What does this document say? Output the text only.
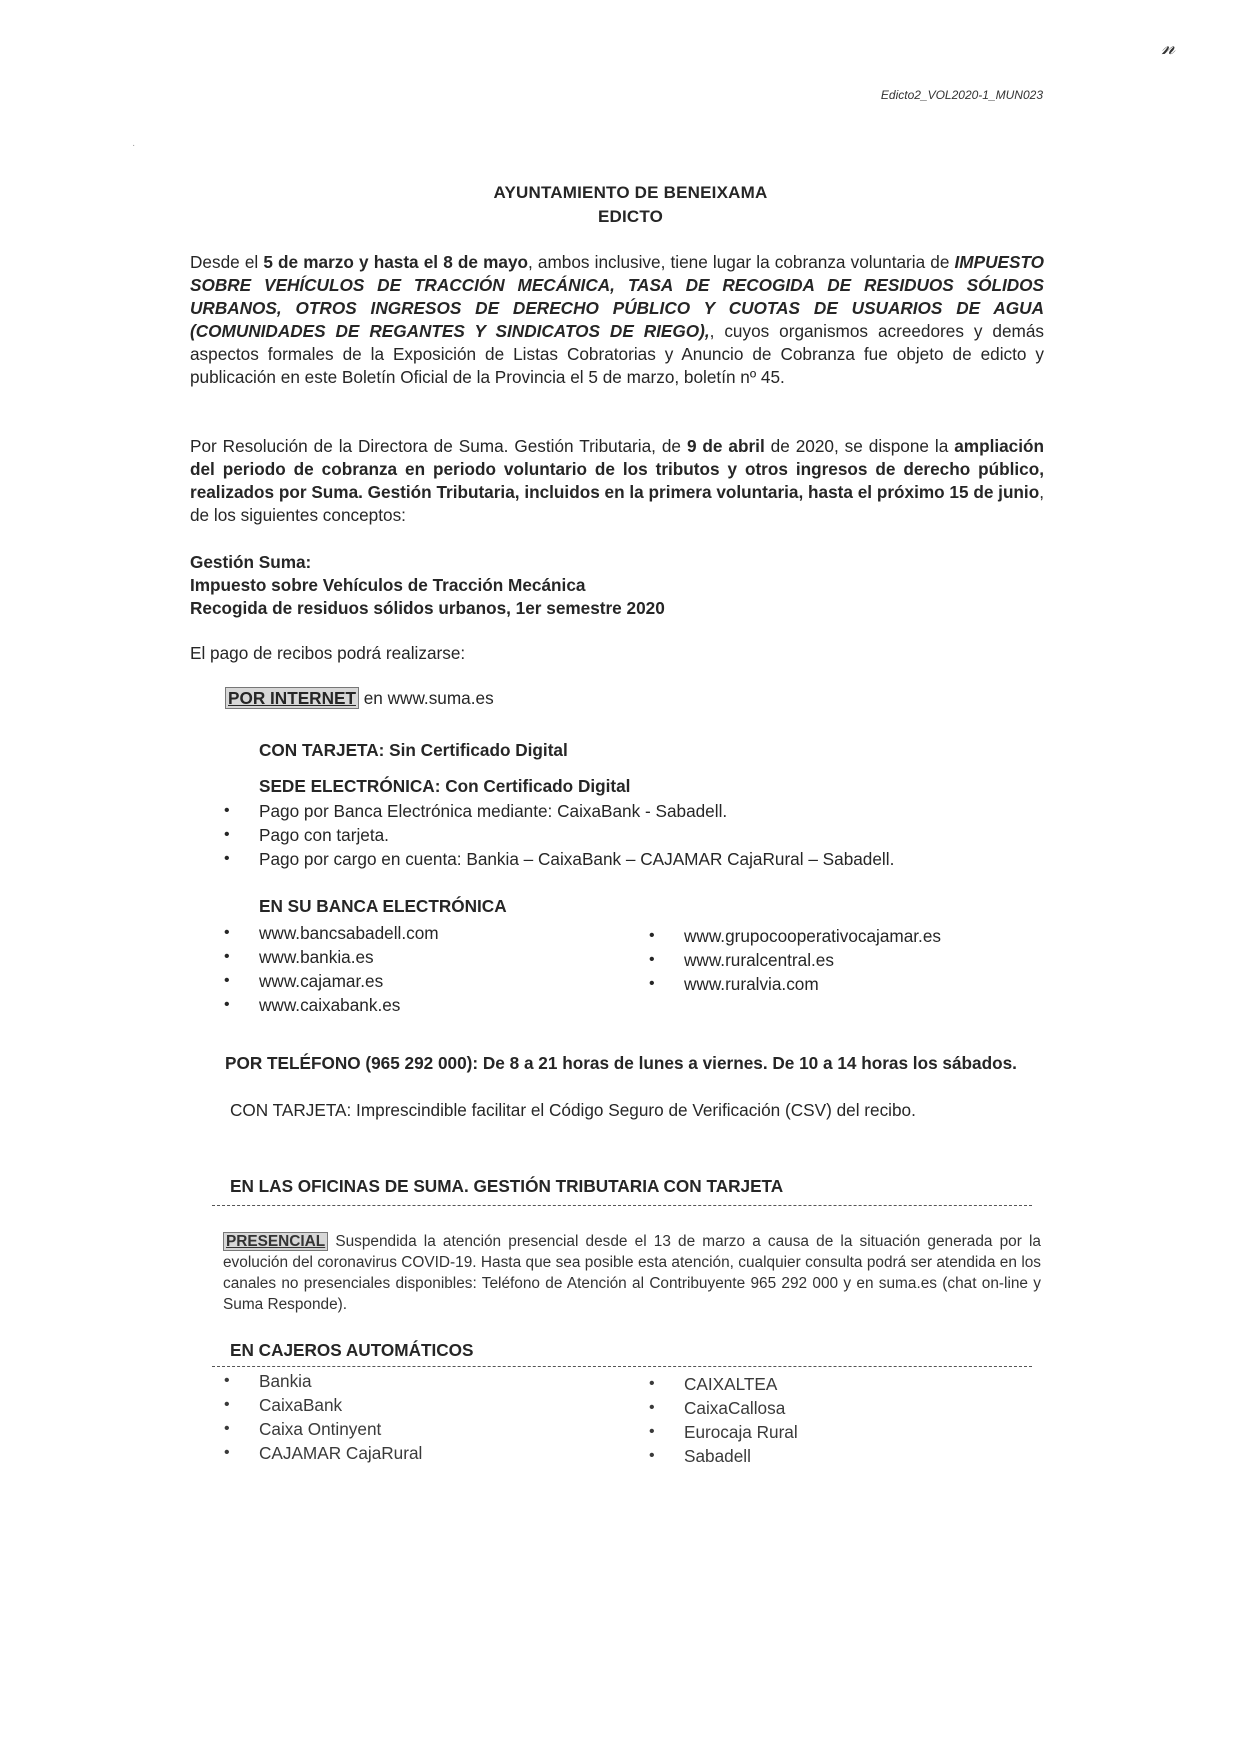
𝓃
·
Edicto2_VOL2020-1_MUN023
AYUNTAMIENTO DE BENEIXAMA
EDICTO
Desde el 5 de marzo y hasta el 8 de mayo, ambos inclusive, tiene lugar la cobranza voluntaria de IMPUESTO SOBRE VEHÍCULOS DE TRACCIÓN MECÁNICA, TASA DE RECOGIDA DE RESIDUOS SÓLIDOS URBANOS, OTROS INGRESOS DE DERECHO PÚBLICO Y CUOTAS DE USUARIOS DE AGUA (COMUNIDADES DE REGANTES Y SINDICATOS DE RIEGO),, cuyos organismos acreedores y demás aspectos formales de la Exposición de Listas Cobratorias y Anuncio de Cobranza fue objeto de edicto y publicación en este Boletín Oficial de la Provincia el 5 de marzo, boletín nº 45.
Por Resolución de la Directora de Suma. Gestión Tributaria, de 9 de abril de 2020, se dispone la ampliación del periodo de cobranza en periodo voluntario de los tributos y otros ingresos de derecho público, realizados por Suma. Gestión Tributaria, incluidos en la primera voluntaria, hasta el próximo 15 de junio, de los siguientes conceptos:
Gestión Suma:
Impuesto sobre Vehículos de Tracción Mecánica
Recogida de residuos sólidos urbanos, 1er semestre 2020
El pago de recibos podrá realizarse:
POR INTERNET en www.suma.es
CON TARJETA: Sin Certificado Digital
SEDE ELECTRÓNICA: Con Certificado Digital
• Pago por Banca Electrónica mediante: CaixaBank - Sabadell.
• Pago con tarjeta.
• Pago por cargo en cuenta: Bankia – CaixaBank – CAJAMAR CajaRural – Sabadell.
EN SU BANCA ELECTRÓNICA
• www.bancsabadell.com
• www.bankia.es
• www.cajamar.es
• www.caixabank.es
• www.grupocooperativocajamar.es
• www.ruralcentral.es
• www.ruralvia.com
POR TELÉFONO (965 292 000): De 8 a 21 horas de lunes a viernes. De 10 a 14 horas los sábados.
CON TARJETA: Imprescindible facilitar el Código Seguro de Verificación (CSV) del recibo.
EN LAS OFICINAS DE SUMA. GESTIÓN TRIBUTARIA CON TARJETA
PRESENCIAL Suspendida la atención presencial desde el 13 de marzo a causa de la situación generada por la evolución del coronavirus COVID-19. Hasta que sea posible esta atención, cualquier consulta podrá ser atendida en los canales no presenciales disponibles: Teléfono de Atención al Contribuyente 965 292 000 y en suma.es (chat on-line y Suma Responde).
EN CAJEROS AUTOMÁTICOS
• Bankia
• CaixaBank
• Caixa Ontinyent
• CAJAMAR CajaRural
• CAIXALTEA
• CaixaCallosa
• Eurocaja Rural
• Sabadell
